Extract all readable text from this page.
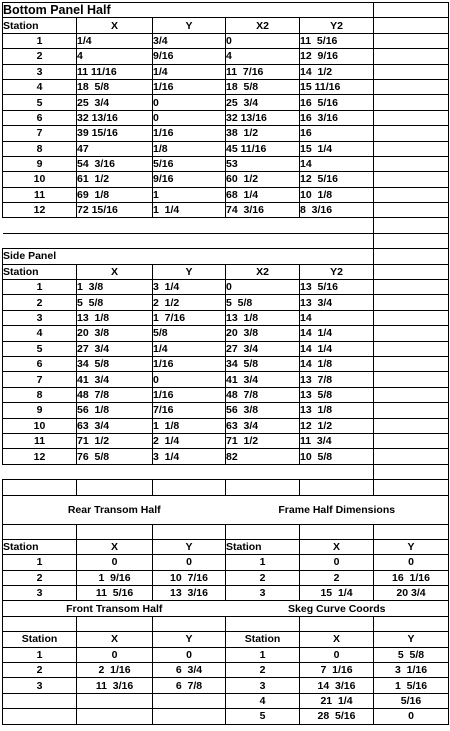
Bottom Panel Half					
Station	X	Y	X2	Y2	
1	1/4	3/4	0	11  5/16	
2	4	9/16	4	12  9/16	
3	11 11/16	1/4	11  7/16	14  1/2	
4	18  5/8	1/16	18  5/8	15 11/16	
5	25  3/4	0	25  3/4	16  5/16	
6	32 13/16	0	32 13/16	16  3/16	
7	39 15/16	1/16	38  1/2	16	
8	47	1/8	45 11/16	15  1/4	
9	54  3/16	5/16	53	14	
10	61  1/2	9/16	60  1/2	12  5/16	
11	69  1/8	1	68  1/4	10  1/8	
12	72 15/16	1  1/4	74  3/16	8  3/16	

Side Panel					
Station	X	Y	X2	Y2	
1	1  3/8	3  1/4	0	13  5/16	
2	5  5/8	2  1/2	5  5/8	13  3/4	
3	13  1/8	1  7/16	13  1/8	14	
4	20  3/8	5/8	20  3/8	14  1/4	
5	27  3/4	1/4	27  3/4	14  1/4	
6	34  5/8	1/16	34  5/8	14  1/8	
7	41  3/4	0	41  3/4	13  7/8	
8	48  7/8	1/16	48  7/8	13  5/8	
9	56  1/8	7/16	56  3/8	13  1/8	
10	63  3/4	1  1/8	63  3/4	12  1/2	
11	71  1/2	2  1/4	71  1/2	11  3/4	
12	76  5/8	3  1/4	82	10  5/8	

Rear Transom Half			Frame Half Dimensions		

Station	X	Y	Station	X	Y
1	0	0	1	0	0
2	1  9/16	10  7/16	2	2	16  1/16
3	11  5/16	13  3/16	3	15  1/4	20 3/4
Front Transom Half			Skeg Curve Coords		

Station	X	Y	Station	X	Y
1	0	0	1	0	5  5/8
2	2  1/16	6  3/4	2	7  1/16	3  1/16
3	11  3/16	6  7/8	3	14  3/16	1  5/16
			4	21  1/4	5/16
			5	28  5/16	0
